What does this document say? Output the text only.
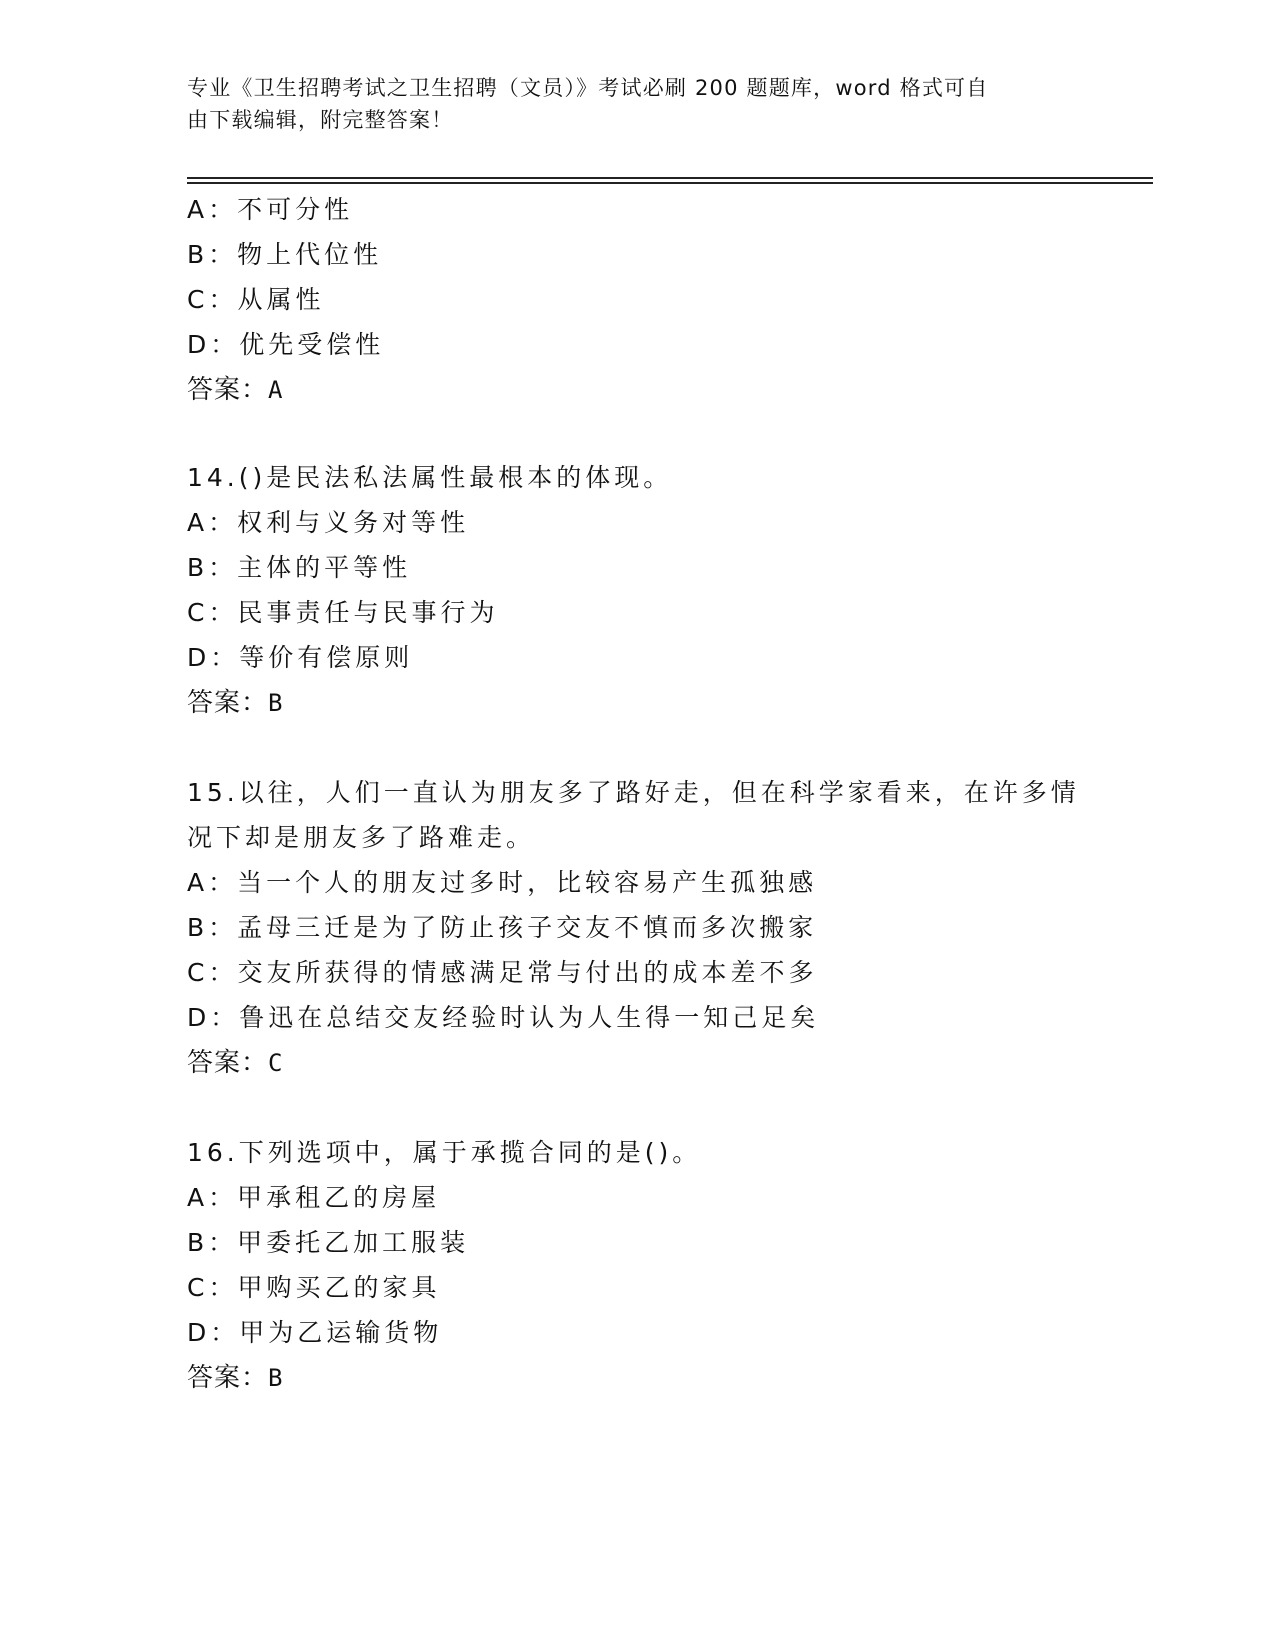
专业《卫生招聘考试之卫生招聘（文员）》考试必刷 200 题题库，word 格式可自
由下载编辑，附完整答案！
A：不可分性
B：物上代位性
C：从属性
D：优先受偿性
答案：A
14.()是民法私法属性最根本的体现。
A：权利与义务对等性
B：主体的平等性
C：民事责任与民事行为
D：等价有偿原则
答案：B
15.以往，人们一直认为朋友多了路好走，但在科学家看来，在许多情
况下却是朋友多了路难走。
A：当一个人的朋友过多时，比较容易产生孤独感
B：孟母三迁是为了防止孩子交友不慎而多次搬家
C：交友所获得的情感满足常与付出的成本差不多
D：鲁迅在总结交友经验时认为人生得一知己足矣
答案：C
16.下列选项中，属于承揽合同的是()。
A：甲承租乙的房屋
B：甲委托乙加工服装
C：甲购买乙的家具
D：甲为乙运输货物
答案：B
